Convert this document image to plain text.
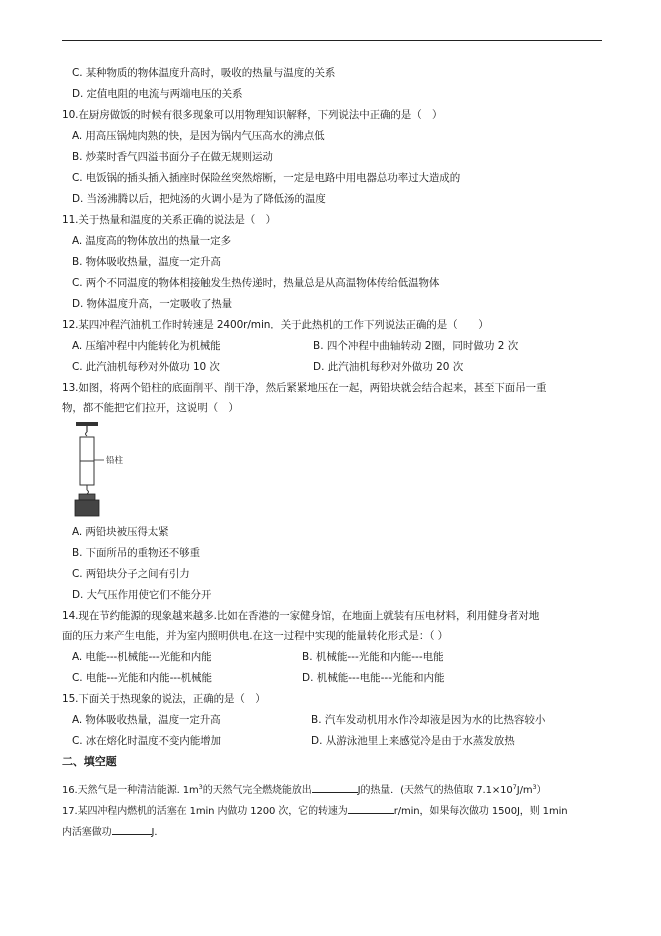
C. 某种物质的物体温度升高时，吸收的热量与温度的关系
D. 定值电阻的电流与两端电压的关系
10.在厨房做饭的时候有很多现象可以用物理知识解释，下列说法中正确的是（　）
A. 用高压锅炖肉熟的快，是因为锅内气压高水的沸点低
B. 炒菜时香气四溢书面分子在做无规则运动
C. 电饭锅的插头插入插座时保险丝突然熔断，一定是电路中用电器总功率过大造成的
D. 当汤沸腾以后，把炖汤的火调小是为了降低汤的温度
11.关于热量和温度的关系正确的说法是（　）
A. 温度高的物体放出的热量一定多
B. 物体吸收热量，温度一定升高
C. 两个不同温度的物体相接触发生热传递时，热量总是从高温物体传给低温物体
D. 物体温度升高，一定吸收了热量
12.某四冲程汽油机工作时转速是 2400r/min．关于此热机的工作下列说法正确的是（　　）
A. 压缩冲程中内能转化为机械能	B. 四个冲程中曲轴转动 2圈，同时做功 2 次
C. 此汽油机每秒对外做功 10 次	D. 此汽油机每秒对外做功 20 次
13.如图，将两个铅柱的底面削平、削干净，然后紧紧地压在一起，两铅块就会结合起来，甚至下面吊一重
物，都不能把它们拉开，这说明（　）
铅柱
A. 两铅块被压得太紧
B. 下面所吊的重物还不够重
C. 两铅块分子之间有引力
D. 大气压作用使它们不能分开
14.现在节约能源的现象越来越多.比如在香港的一家健身馆，在地面上就装有压电材料，利用健身者对地
面的压力来产生电能，并为室内照明供电.在这一过程中实现的能量转化形式是：（ ）
A. 电能---机械能---光能和内能	B. 机械能---光能和内能---电能
C. 电能---光能和内能---机械能	D. 机械能---电能---光能和内能
15.下面关于热现象的说法，正确的是（　）
A. 物体吸收热量，温度一定升高	B. 汽车发动机用水作冷却液是因为水的比热容较小
C. 冰在熔化时温度不变内能增加	D. 从游泳池里上来感觉冷是由于水蒸发放热
二、填空题
16.天然气是一种清洁能源. $1m^3$的天然气完全燃烧能放出	J的热量．(天然气的热值取 $7.1\times 10^7J/m^3$）
17.某四冲程内燃机的活塞在 1min 内做功 1200 次，它的转速为	r/min，如果每次做功 1500J，则 1min
内活塞做功	J．
